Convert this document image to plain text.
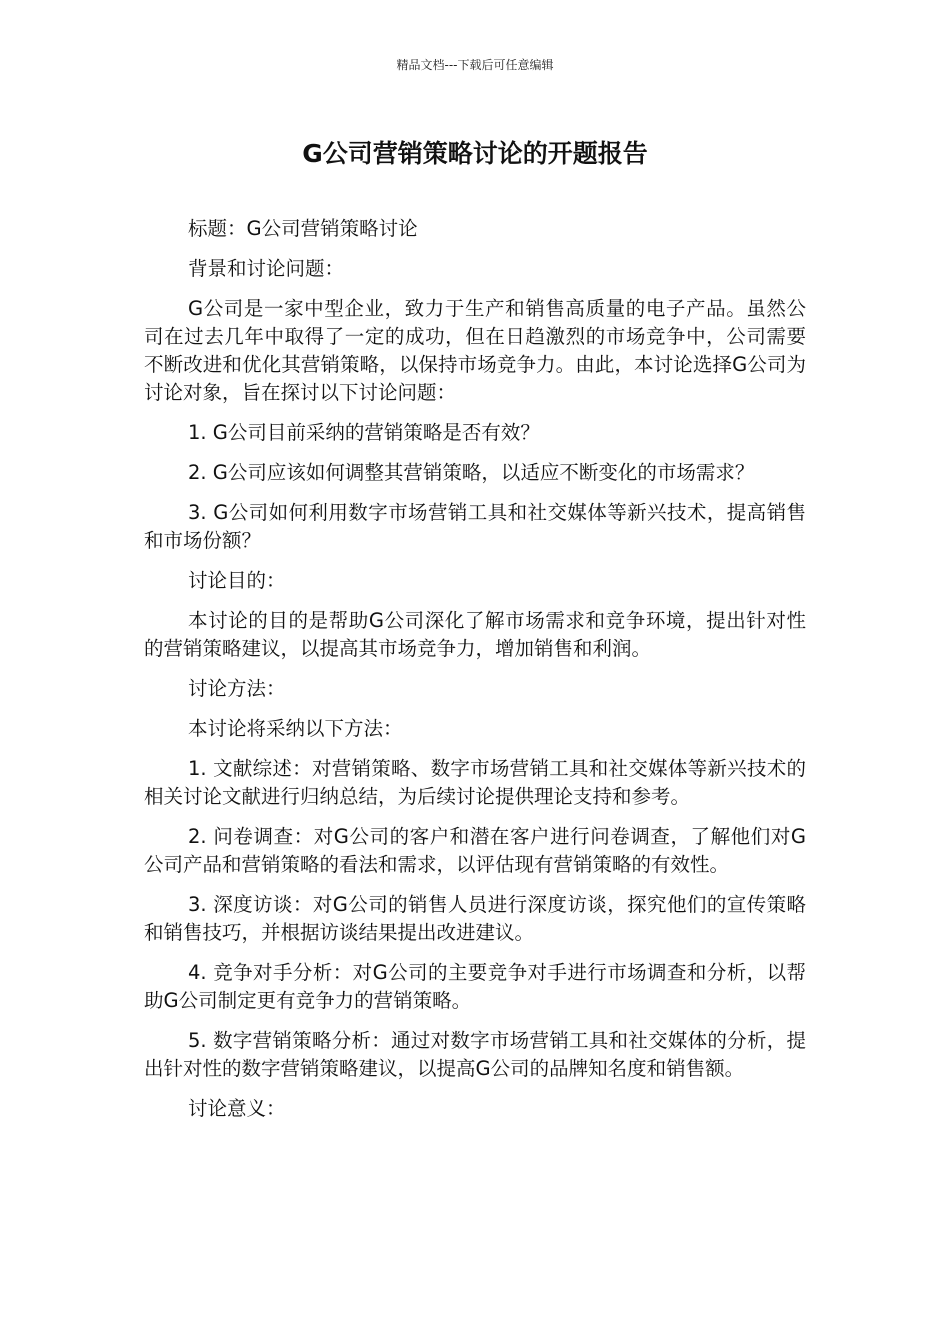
精品文档---下载后可任意编辑
G公司营销策略讨论的开题报告

标题：G公司营销策略讨论

背景和讨论问题：

G公司是一家中型企业，致力于生产和销售高质量的电子产品。虽然公司在过去几年中取得了一定的成功，但在日趋激烈的市场竞争中，公司需要不断改进和优化其营销策略，以保持市场竞争力。由此，本讨论选择G公司为讨论对象，旨在探讨以下讨论问题：

1. G公司目前采纳的营销策略是否有效？

2. G公司应该如何调整其营销策略，以适应不断变化的市场需求？

3. G公司如何利用数字市场营销工具和社交媒体等新兴技术，提高销售和市场份额？

讨论目的：

本讨论的目的是帮助G公司深化了解市场需求和竞争环境，提出针对性的营销策略建议，以提高其市场竞争力，增加销售和利润。

讨论方法：

本讨论将采纳以下方法：

1. 文献综述：对营销策略、数字市场营销工具和社交媒体等新兴技术的相关讨论文献进行归纳总结，为后续讨论提供理论支持和参考。

2. 问卷调查：对G公司的客户和潜在客户进行问卷调查，了解他们对G公司产品和营销策略的看法和需求，以评估现有营销策略的有效性。

3. 深度访谈：对G公司的销售人员进行深度访谈，探究他们的宣传策略和销售技巧，并根据访谈结果提出改进建议。

4. 竞争对手分析：对G公司的主要竞争对手进行市场调查和分析，以帮助G公司制定更有竞争力的营销策略。

5. 数字营销策略分析：通过对数字市场营销工具和社交媒体的分析，提出针对性的数字营销策略建议，以提高G公司的品牌知名度和销售额。

讨论意义：
